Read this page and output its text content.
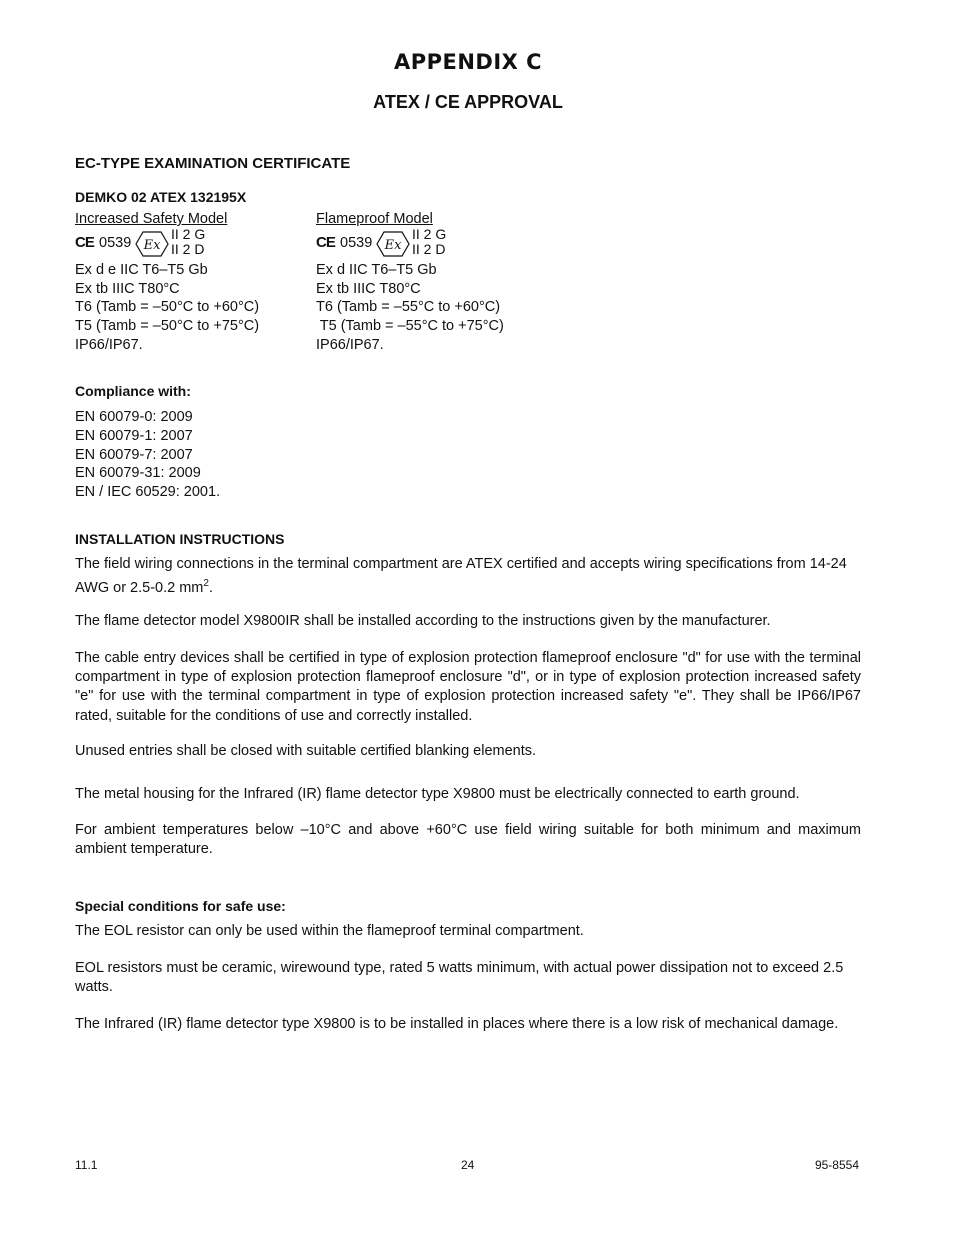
APPENDIX C
ATEX / CE APPROVAL
EC-TYPE EXAMINATION CERTIFICATE
DEMKO 02 ATEX 132195X
Increased Safety Model
CE 0539 Ex
II 2 G
II 2 D
Ex d e IIC T6–T5 Gb
Ex tb IIIC T80°C
T6 (Tamb = –50°C to +60°C)
T5 (Tamb = –50°C to +75°C)
IP66/IP67.
Flameproof Model
CE 0539 Ex
II 2 G
II 2 D
Ex d IIC T6–T5 Gb
Ex tb IIIC T80°C
T6 (Tamb = –55°C to +60°C)
T5 (Tamb = –55°C to +75°C)
IP66/IP67.
Compliance with:
EN 60079-0: 2009
EN 60079-1: 2007
EN 60079-7: 2007
EN 60079-31: 2009
EN / IEC 60529: 2001.
INSTALLATION INSTRUCTIONS
The field wiring connections in the terminal compartment are ATEX certified and accepts wiring specifications from 14-24 AWG or 2.5-0.2 $mm^2$.
The flame detector model X9800IR shall be installed according to the instructions given by the manufacturer.
The cable entry devices shall be certified in type of explosion protection flameproof enclosure "d" for use with the terminal compartment in type of explosion protection flameproof enclosure "d", or in type of explosion protection increased safety "e" for use with the terminal compartment in type of explosion protection increased safety "e". They shall be IP66/IP67 rated, suitable for the conditions of use and correctly installed.
Unused entries shall be closed with suitable certified blanking elements.
The metal housing for the Infrared (IR) flame detector type X9800 must be electrically connected to earth ground.
For ambient temperatures below –10°C and above +60°C use field wiring suitable for both minimum and maximum ambient temperature.
Special conditions for safe use:
The EOL resistor can only be used within the flameproof terminal compartment.
EOL resistors must be ceramic, wirewound type, rated 5 watts minimum, with actual power dissipation not to exceed 2.5 watts.
The Infrared (IR) flame detector type X9800 is to be installed in places where there is a low risk of mechanical damage.
11.1	24	95-8554
